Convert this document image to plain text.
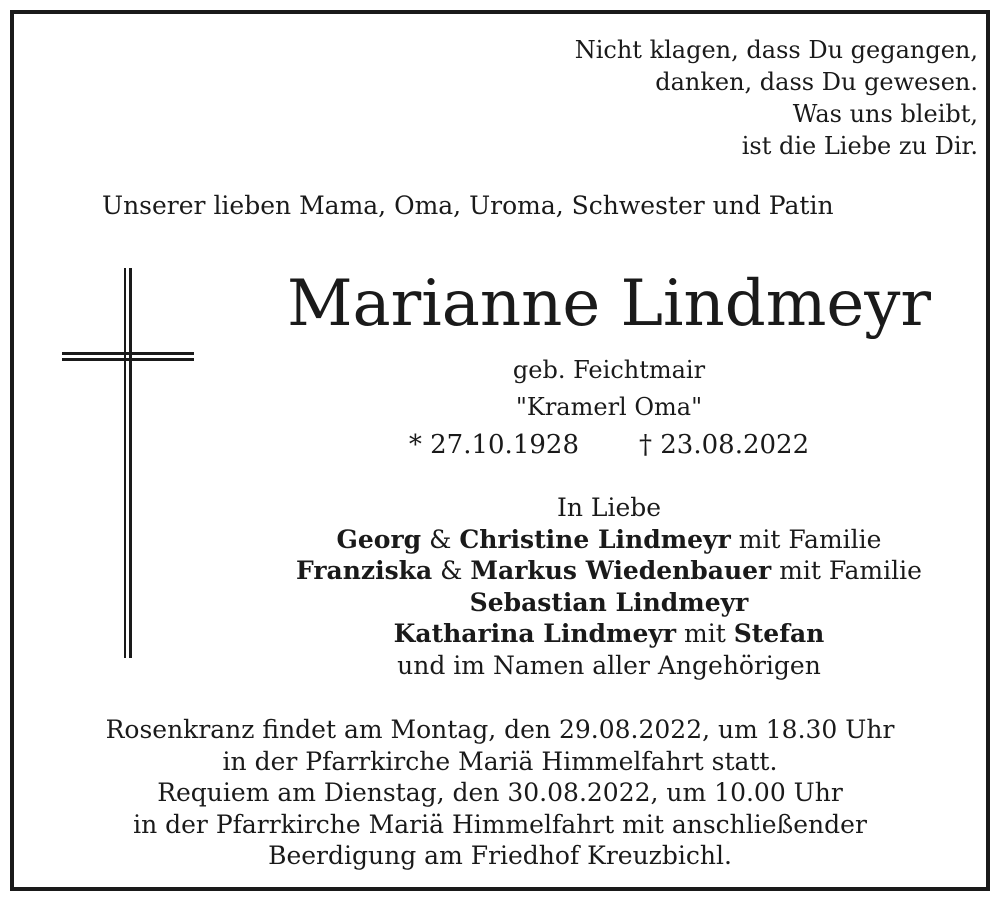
Nicht klagen, dass Du gegangen,
danken, dass Du gewesen.
Was uns bleibt,
ist die Liebe zu Dir.
Unserer lieben Mama, Oma, Uroma, Schwester und Patin
Marianne Lindmeyr
geb. Feichtmair
"Kramerl Oma"
* 27.10.1928 † 23.08.2022
In Liebe
Georg & Christine Lindmeyr mit Familie
Franziska & Markus Wiedenbauer mit Familie
Sebastian Lindmeyr
Katharina Lindmeyr mit Stefan
und im Namen aller Angehörigen
Rosenkranz findet am Montag, den 29.08.2022, um 18.30 Uhr
in der Pfarrkirche Mariä Himmelfahrt statt.
Requiem am Dienstag, den 30.08.2022, um 10.00 Uhr
in der Pfarrkirche Mariä Himmelfahrt mit anschließender
Beerdigung am Friedhof Kreuzbichl.
